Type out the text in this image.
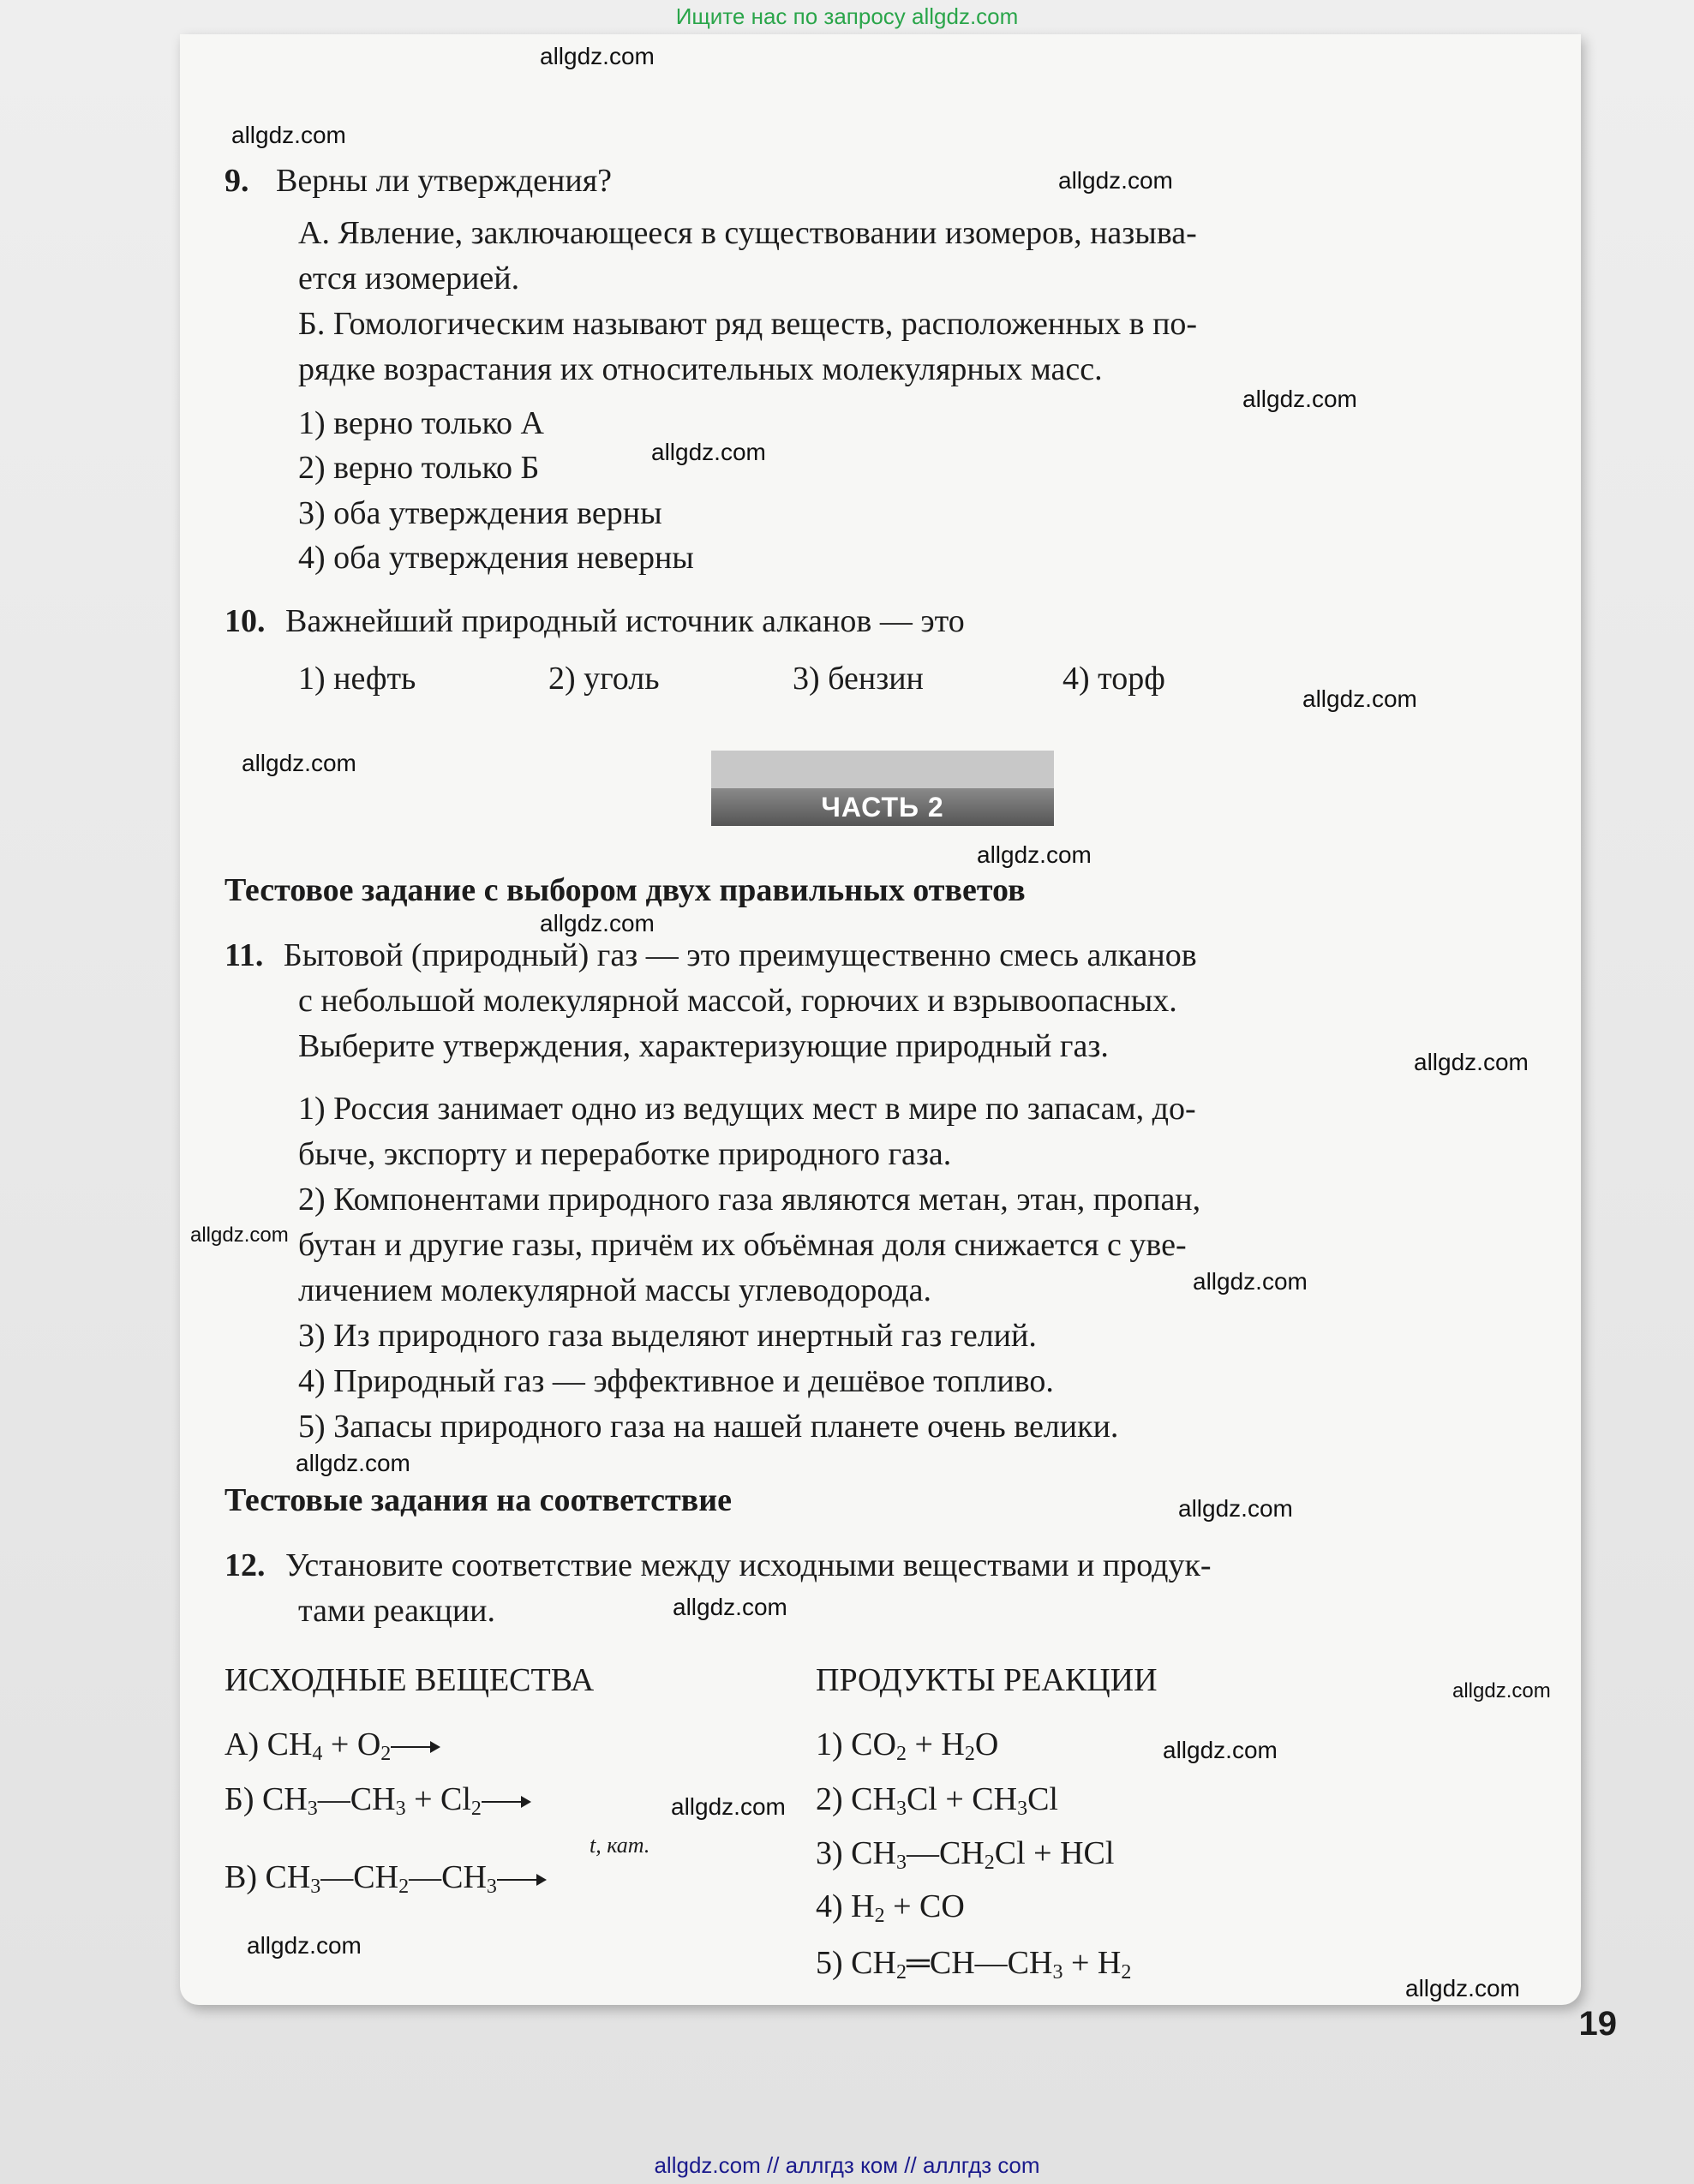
Ищите нас по запросу allgdz.com
allgdz.com
allgdz.com
allgdz.com
allgdz.com
allgdz.com
allgdz.com
allgdz.com
allgdz.com
allgdz.com
allgdz.com
allgdz.com
allgdz.com
allgdz.com
allgdz.com
allgdz.com
allgdz.com
allgdz.com
allgdz.com
allgdz.com
allgdz.com
9. Верны ли утверждения?
А. Явление, заключающееся в существовании изомеров, называ-
ется изомерией.
Б. Гомологическим называют ряд веществ, расположенных в по-
рядке возрастания их относительных молекулярных масс.
1) верно только А
2) верно только Б
3) оба утверждения верны
4) оба утверждения неверны
10. Важнейший природный источник алканов — это
1) нефть	2) уголь	3) бензин	4) торф
ЧАСТЬ 2
Тестовое задание с выбором двух правильных ответов
11. Бытовой (природный) газ — это преимущественно смесь алканов
с небольшой молекулярной массой, горючих и взрывоопасных.
Выберите утверждения, характеризующие природный газ.
1) Россия занимает одно из ведущих мест в мире по запасам, до-
быче, экспорту и переработке природного газа.
2) Компонентами природного газа являются метан, этан, пропан,
бутан и другие газы, причём их объёмная доля снижается с уве-
личением молекулярной массы углеводорода.
3) Из природного газа выделяют инертный газ гелий.
4) Природный газ — эффективное и дешёвое топливо.
5) Запасы природного газа на нашей планете очень велики.
Тестовые задания на соответствие
12. Установите соответствие между исходными веществами и продук-
тами реакции.
ИСХОДНЫЕ ВЕЩЕСТВА	ПРОДУКТЫ РЕАКЦИИ
А) $CH_4 + O_2$
Б) $CH_3—CH_3 + Cl_2$
t, кат.
В) $CH_3—CH_2—CH_3$
1) $CO_2 + H_2O$
2) $CH_3Cl + CH_3Cl$
3) $CH_3—CH_2Cl$ + HCl
4) $H_2$ + CO
5) $CH_2═CH—CH_3 + H_2$
19
allgdz.com // аллгдз ком // аллгдз com
